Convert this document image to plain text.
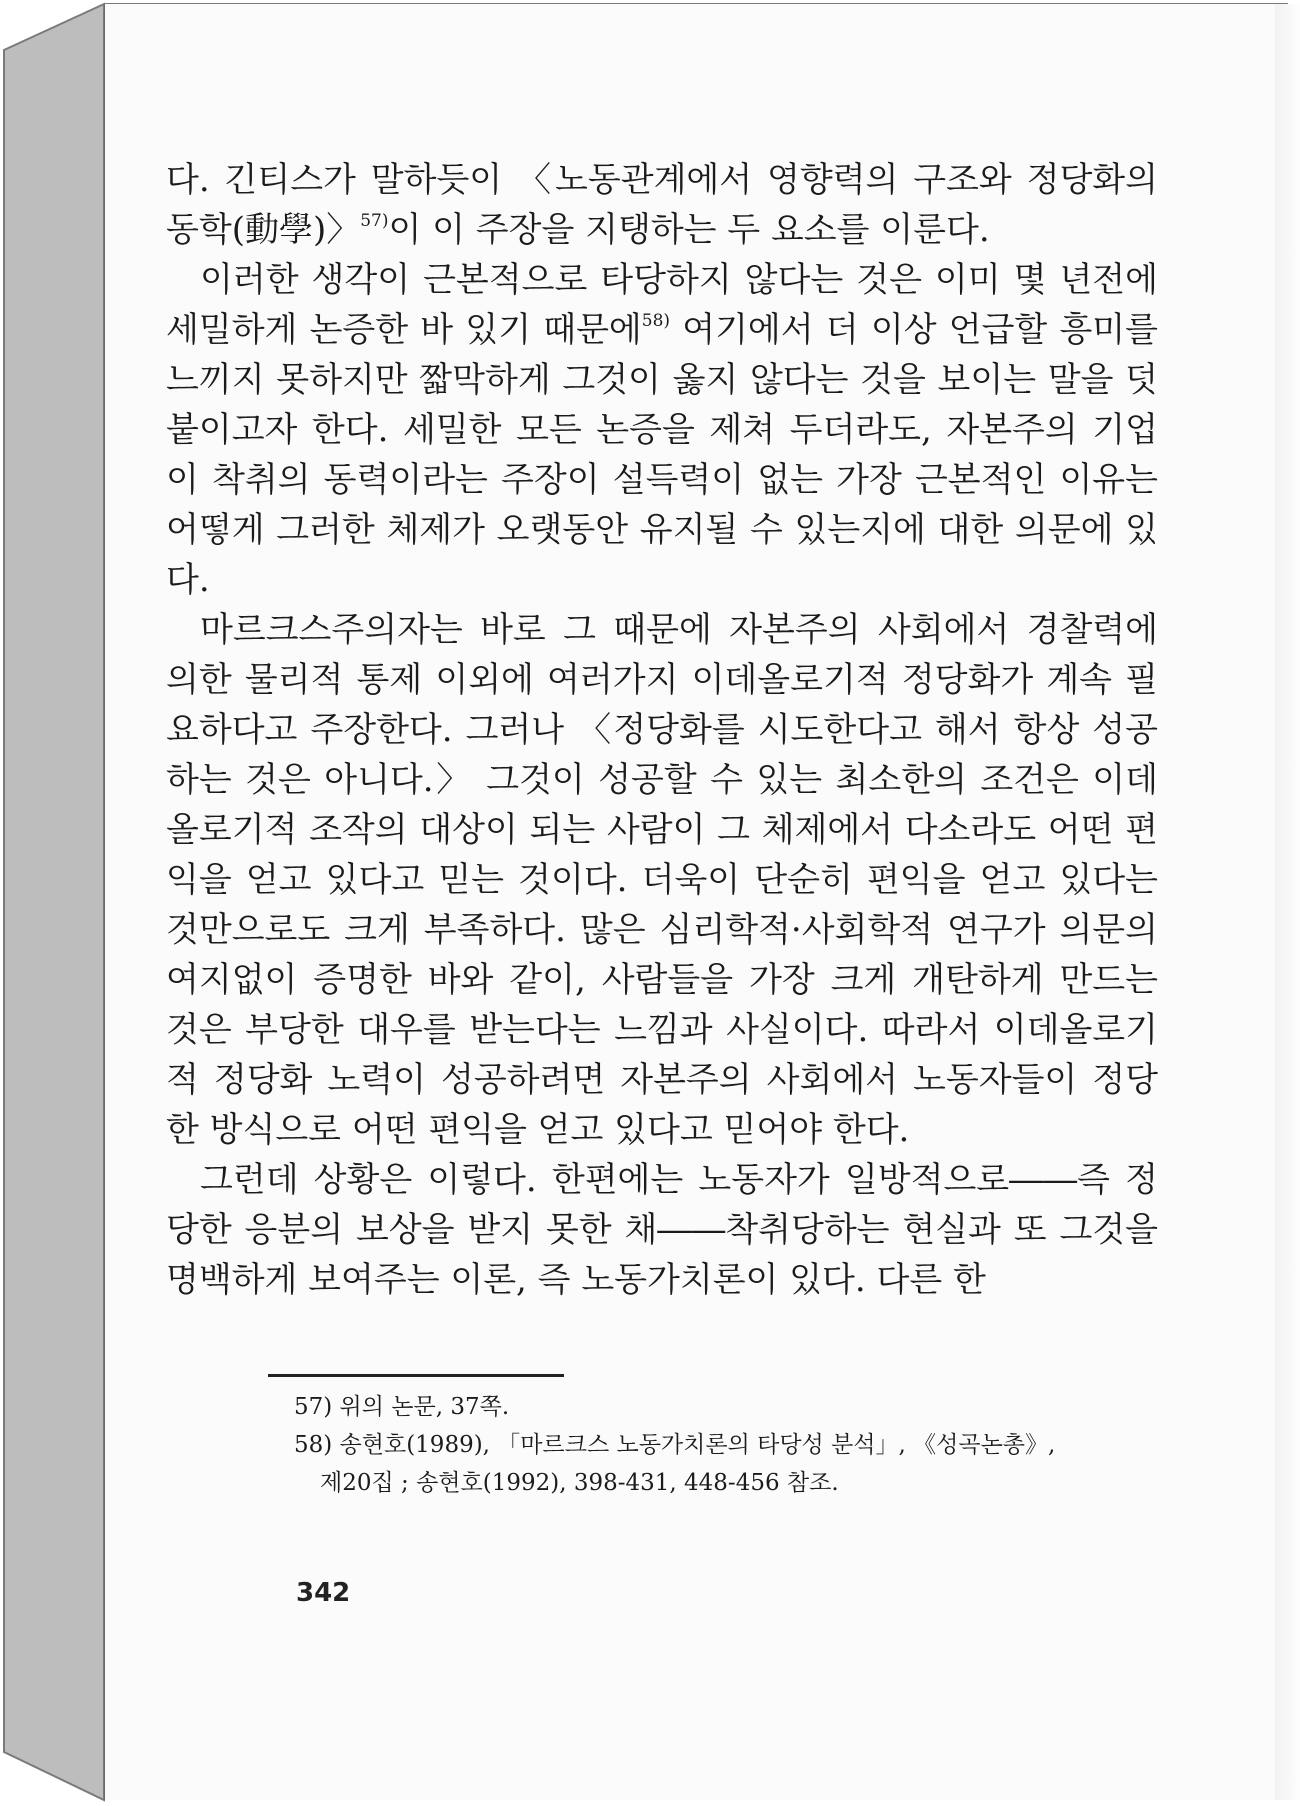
다. 긴티스가 말하듯이 〈노동관계에서 영향력의 구조와 정당화의 동학(動學)〉$^{57)}$이 이 주장을 지탱하는 두 요소를 이룬다.

이러한 생각이 근본적으로 타당하지 않다는 것은 이미 몇 년전에 세밀하게 논증한 바 있기 때문에$^{58)}$ 여기에서 더 이상 언급할 흥미를 느끼지 못하지만 짧막하게 그것이 옳지 않다는 것을 보이는 말을 덧붙이고자 한다. 세밀한 모든 논증을 제쳐 두더라도, 자본주의 기업이 착취의 동력이라는 주장이 설득력이 없는 가장 근본적인 이유는 어떻게 그러한 체제가 오랫동안 유지될 수 있는지에 대한 의문에 있다.

마르크스주의자는 바로 그 때문에 자본주의 사회에서 경찰력에 의한 물리적 통제 이외에 여러가지 이데올로기적 정당화가 계속 필요하다고 주장한다. 그러나 〈정당화를 시도한다고 해서 항상 성공하는 것은 아니다.〉 그것이 성공할 수 있는 최소한의 조건은 이데올로기적 조작의 대상이 되는 사람이 그 체제에서 다소라도 어떤 편익을 얻고 있다고 믿는 것이다. 더욱이 단순히 편익을 얻고 있다는 것만으로도 크게 부족하다. 많은 심리학적·사회학적 연구가 의문의 여지없이 증명한 바와 같이, 사람들을 가장 크게 개탄하게 만드는 것은 부당한 대우를 받는다는 느낌과 사실이다. 따라서 이데올로기적 정당화 노력이 성공하려면 자본주의 사회에서 노동자들이 정당한 방식으로 어떤 편익을 얻고 있다고 믿어야 한다.

그런데 상황은 이렇다. 한편에는 노동자가 일방적으로――즉 정당한 응분의 보상을 받지 못한 채――착취당하는 현실과 또 그것을 명백하게 보여주는 이론, 즉 노동가치론이 있다. 다른 한

57) 위의 논문, 37쪽.

58) 송현호(1989), 「마르크스 노동가치론의 타당성 분석」, 《성곡논총》,
제20집 ; 송현호(1992), 398-431, 448-456 참조.

342
